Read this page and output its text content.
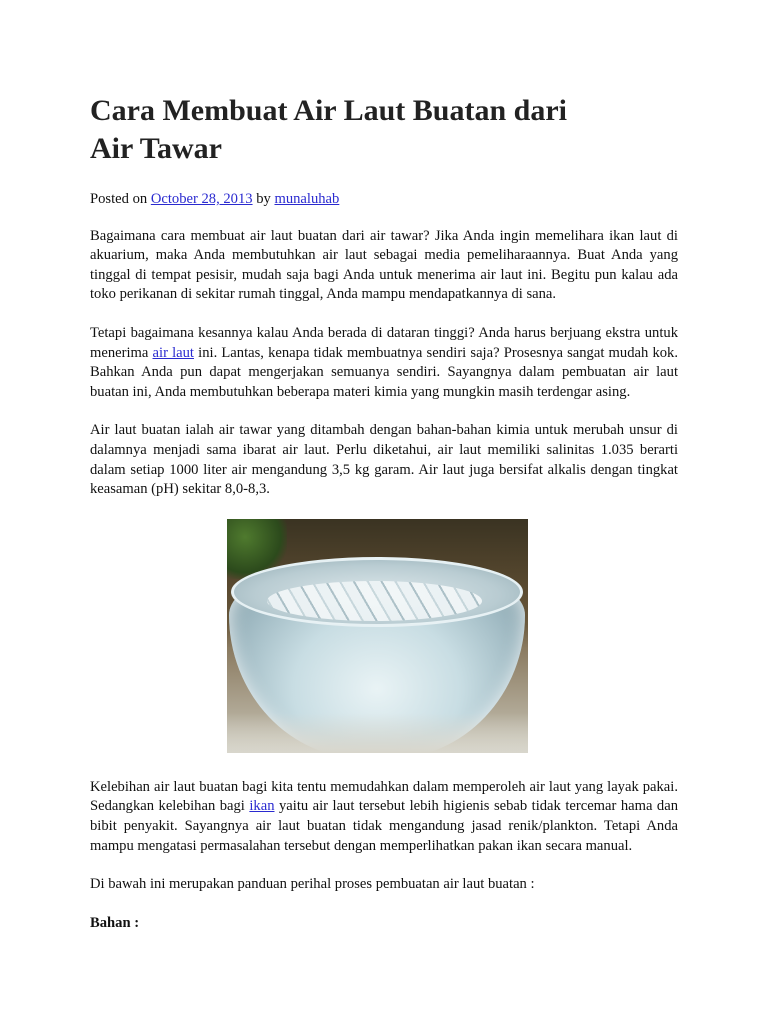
Cara Membuat Air Laut Buatan dari Air Tawar

Posted on October 28, 2013 by munaluhab

Bagaimana cara membuat air laut buatan dari air tawar? Jika Anda ingin memelihara ikan laut di akuarium, maka Anda membutuhkan air laut sebagai media pemeliharaannya. Buat Anda yang tinggal di tempat pesisir, mudah saja bagi Anda untuk menerima air laut ini. Begitu pun kalau ada toko perikanan di sekitar rumah tinggal, Anda mampu mendapatkannya di sana.

Tetapi bagaimana kesannya kalau Anda berada di dataran tinggi? Anda harus berjuang ekstra untuk menerima air laut ini. Lantas, kenapa tidak membuatnya sendiri saja? Prosesnya sangat mudah kok. Bahkan Anda pun dapat mengerjakan semuanya sendiri. Sayangnya dalam pembuatan air laut buatan ini, Anda membutuhkan beberapa materi kimia yang mungkin masih terdengar asing.

Air laut buatan ialah air tawar yang ditambah dengan bahan-bahan kimia untuk merubah unsur di dalamnya menjadi sama ibarat air laut. Perlu diketahui, air laut memiliki salinitas 1.035 berarti dalam setiap 1000 liter air mengandung 3,5 kg garam. Air laut juga bersifat alkalis dengan tingkat keasaman (pH) sekitar 8,0-8,3.

Kelebihan air laut buatan bagi kita tentu memudahkan dalam memperoleh air laut yang layak pakai. Sedangkan kelebihan bagi ikan yaitu air laut tersebut lebih higienis sebab tidak tercemar hama dan bibit penyakit. Sayangnya air laut buatan tidak mengandung jasad renik/plankton. Tetapi Anda mampu mengatasi permasalahan tersebut dengan memperlihatkan pakan ikan secara manual.

Di bawah ini merupakan panduan perihal proses pembuatan air laut buatan :

Bahan :
